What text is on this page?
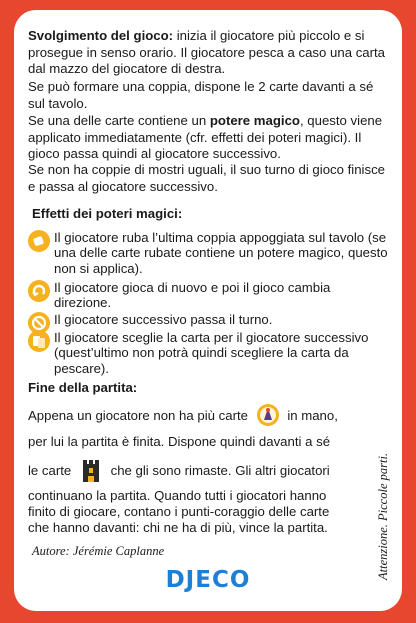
Svolgimento del gioco: inizia il giocatore più piccolo e si prosegue in senso orario. Il giocatore pesca a caso una carta dal mazzo del giocatore di destra.

Se può formare una coppia, dispone le 2 carte davanti a sé sul tavolo.

Se una delle carte contiene un potere magico, questo viene applicato immediatamente (cfr. effetti dei poteri magici). Il gioco passa quindi al giocatore successivo.

Se non ha coppie di mostri uguali, il suo turno di gioco finisce e passa al giocatore successivo.

Effetti dei poteri magici:

Il giocatore ruba l’ultima coppia appoggiata sul tavolo (se una delle carte rubate contiene un potere magico, questo non si applica).
Il giocatore gioca di nuovo e poi il gioco cambia direzione.
Il giocatore successivo passa il turno.
Il giocatore sceglie la carta per il giocatore successivo (quest’ultimo non potrà quindi scegliere la carta da pescare).

Fine della partita:

Appena un giocatore non ha più carte	in mano,
per lui la partita è finita. Dispone quindi davanti a sé
le carte	che gli sono rimaste. Gli altri giocatori
continuano la partita. Quando tutti i giocatori hanno
finito di giocare, contano i punti-coraggio delle carte
che hanno davanti: chi ne ha di più, vince la partita.
Autore: Jérémie Caplanne	Attenzione. Piccole parti.
DJECO
